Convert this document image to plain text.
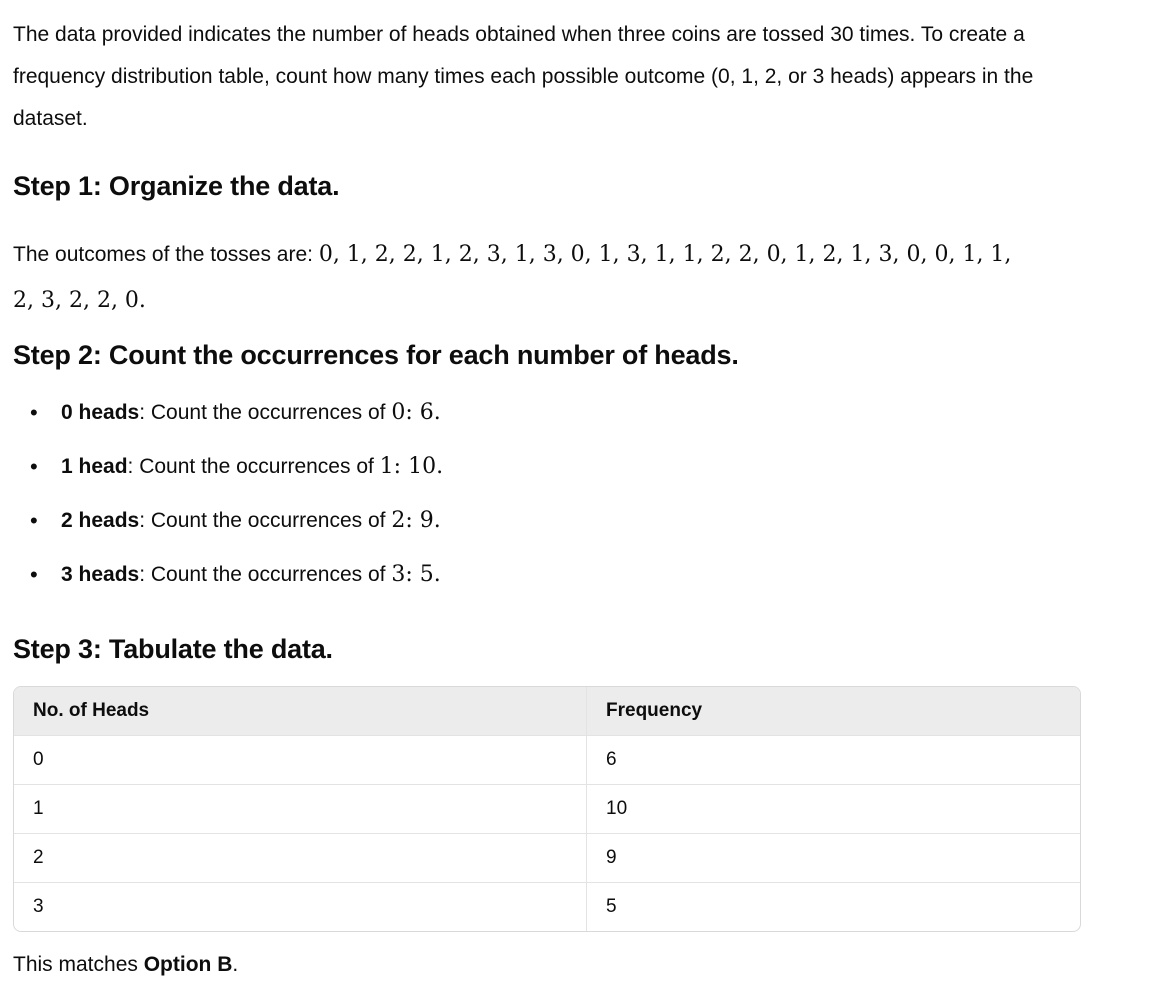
The data provided indicates the number of heads obtained when three coins are tossed 30 times. To create a frequency distribution table, count how many times each possible outcome (0, 1, 2, or 3 heads) appears in the dataset.

Step 1: Organize the data.

The outcomes of the tosses are: 0, 1, 2, 2, 1, 2, 3, 1, 3, 0, 1, 3, 1, 1, 2, 2, 0, 1, 2, 1, 3, 0, 0, 1, 1, 2, 3, 2, 2, 0.

Step 2: Count the occurrences for each number of heads.
• 0 heads: Count the occurrences of 0: 6.
• 1 head: Count the occurrences of 1: 10.
• 2 heads: Count the occurrences of 2: 9.
• 3 heads: Count the occurrences of 3: 5.
Step 3: Tabulate the data.
No. of Heads	Frequency
0	6
1	10
2	9
3	5

This matches Option B.
